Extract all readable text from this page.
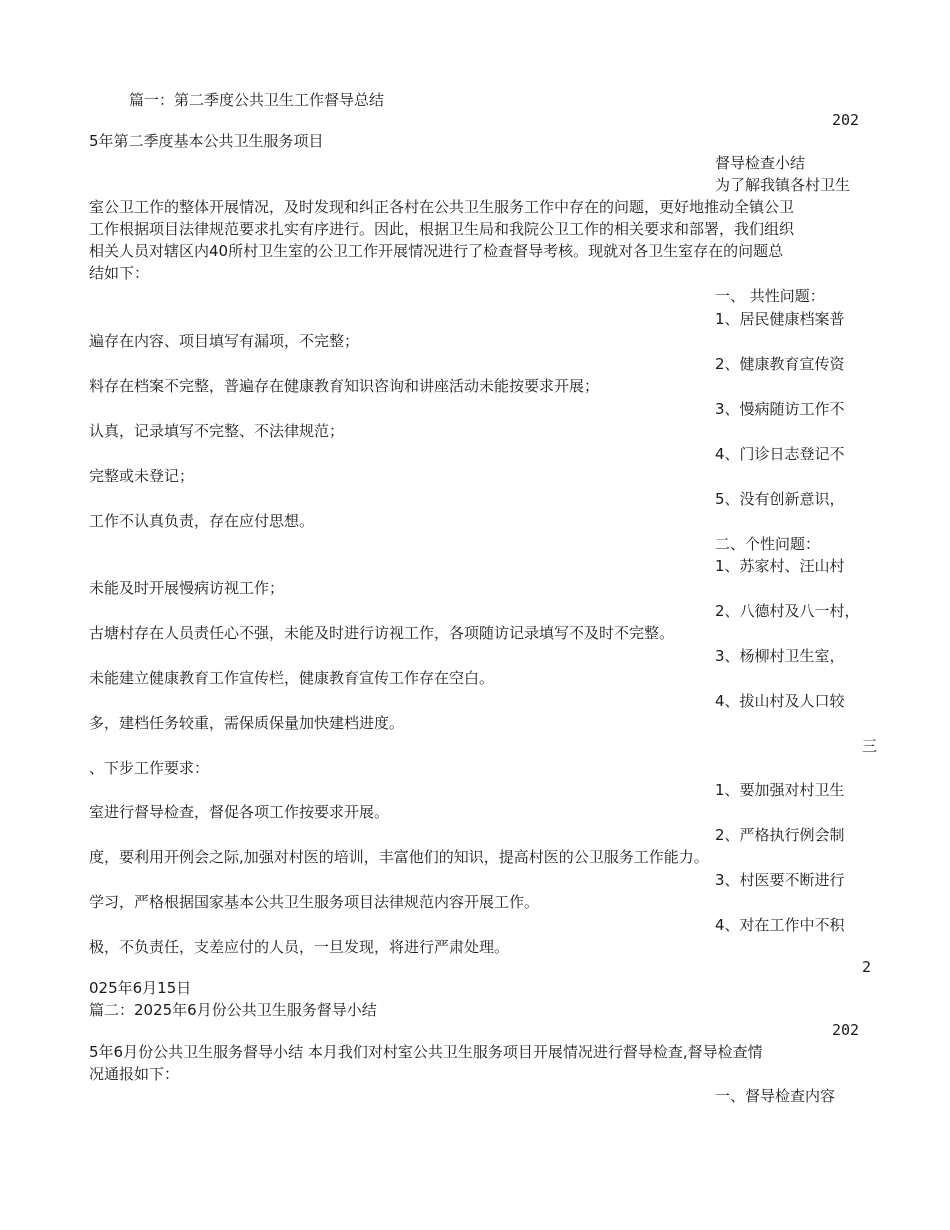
篇一：第二季度公共卫生工作督导总结

202

5年第二季度基本公共卫生服务项目

督导检查小结

为了解我镇各村卫生

室公卫工作的整体开展情况，及时发现和纠正各村在公共卫生服务工作中存在的问题，更好地推动全镇公卫

工作根据项目法律规范要求扎实有序进行。因此，根据卫生局和我院公卫工作的相关要求和部署，我们组织

相关人员对辖区内40所村卫生室的公卫工作开展情况进行了检查督导考核。现就对各卫生室存在的问题总

结如下：

一、 共性问题：

1、居民健康档案普

遍存在内容、项目填写有漏项，不完整；

2、健康教育宣传资

料存在档案不完整，普遍存在健康教育知识咨询和讲座活动未能按要求开展；

3、慢病随访工作不

认真，记录填写不完整、不法律规范；

4、门诊日志登记不

完整或未登记；

5、没有创新意识，

工作不认真负责，存在应付思想。

二、个性问题：

1、苏家村、汪山村

未能及时开展慢病访视工作；

2、八德村及八一村，

古塘村存在人员责任心不强，未能及时进行访视工作，各项随访记录填写不及时不完整。

3、杨柳村卫生室，

未能建立健康教育工作宣传栏，健康教育宣传工作存在空白。

4、拔山村及人口较

多，建档任务较重，需保质保量加快建档进度。

三

、下步工作要求：

1、要加强对村卫生

室进行督导检查，督促各项工作按要求开展。

2、严格执行例会制

度，要利用开例会之际,加强对村医的培训，丰富他们的知识，提高村医的公卫服务工作能力。

3、村医要不断进行

学习，严格根据国家基本公共卫生服务项目法律规范内容开展工作。

4、对在工作中不积

极，不负责任，支差应付的人员，一旦发现，将进行严肃处理。

2

025年6月15日

篇二：2025年6月份公共卫生服务督导小结

202

5年6月份公共卫生服务督导小结 本月我们对村室公共卫生服务项目开展情况进行督导检查,督导检查情

况通报如下：

一、督导检查内容
